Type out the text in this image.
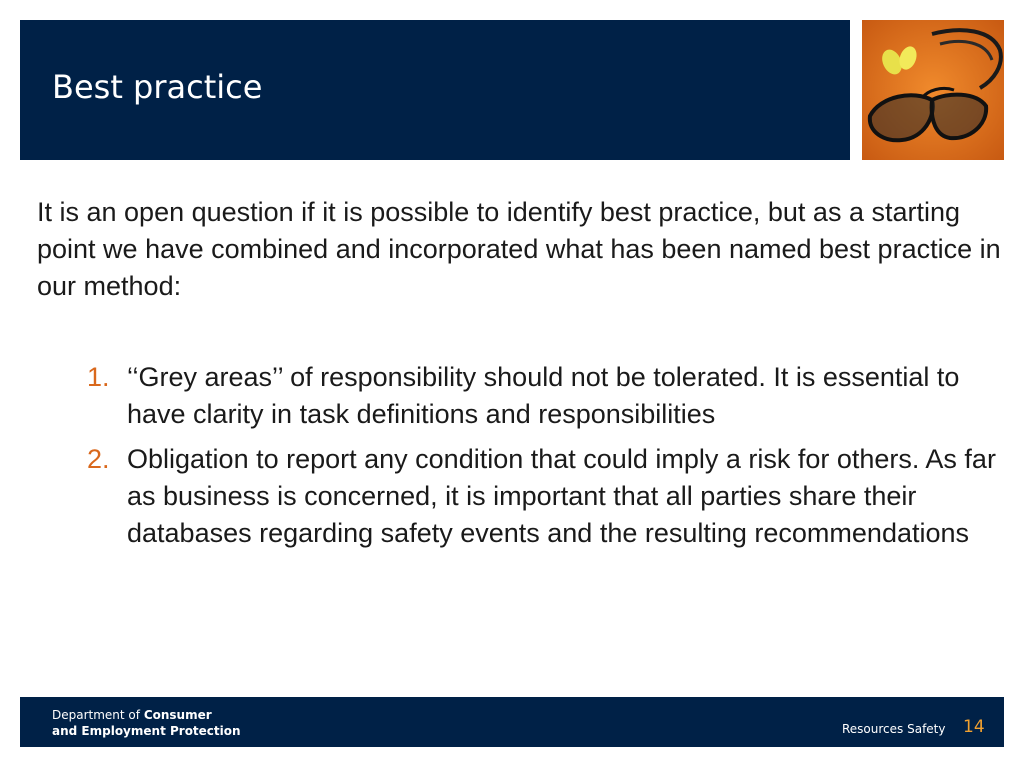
Best practice

It is an open question if it is possible to identify best practice, but as a starting point we have combined and incorporated what has been named best practice in our method:

1. ‘‘Grey areas’’ of responsibility should not be tolerated. It is essential to have clarity in task definitions and responsibilities
2. Obligation to report any condition that could imply a risk for others. As far as business is concerned, it is important that all parties share their databases regarding safety events and the resulting recommendations
Department of Consumer
and Employment Protection	Resources Safety 14
